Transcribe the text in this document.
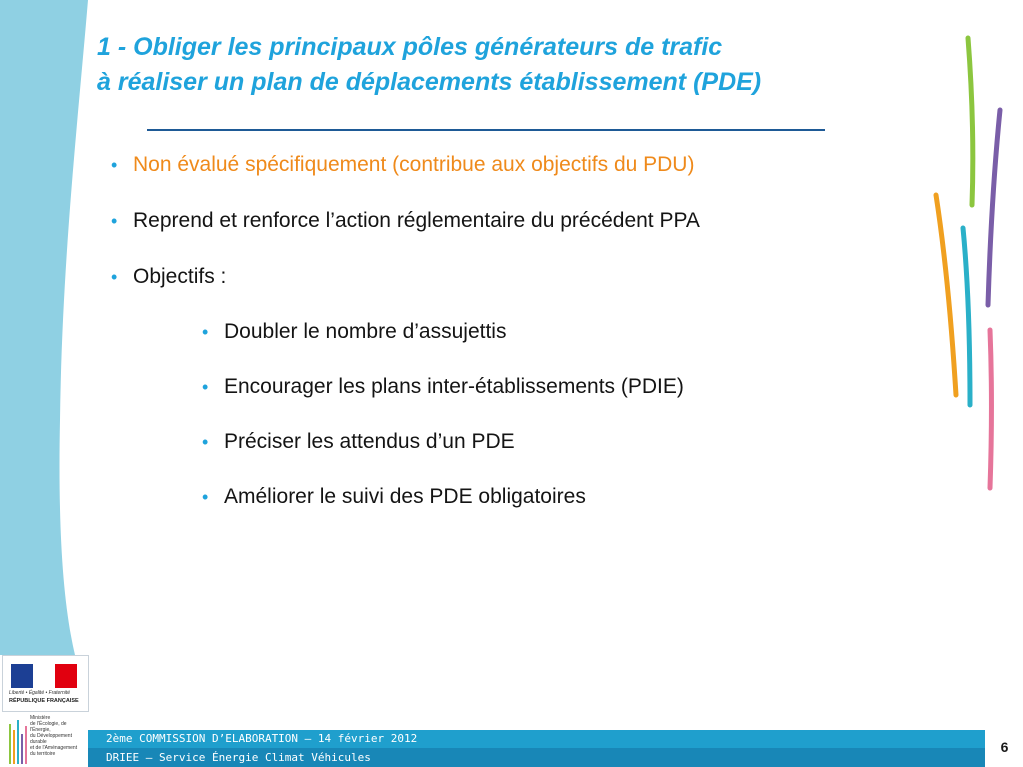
1 - Obliger les principaux pôles générateurs de trafic
à réaliser un plan de déplacements établissement (PDE)
• Non évalué spécifiquement (contribue aux objectifs du PDU)
• Reprend et renforce l’action réglementaire du précédent PPA
• Objectifs :
• Doubler le nombre d’assujettis
• Encourager les plans inter-établissements (PDIE)
• Préciser les attendus d’un PDE
• Améliorer le suivi des PDE obligatoires
Liberté • Égalité • Fraternité
RÉPUBLIQUE FRANÇAISE
Ministère
de l'Écologie, de l'Énergie,
du Développement durable
et de l'Aménagement
du territoire
2ème COMMISSION D’ELABORATION – 14 février 2012
DRIEE – Service Énergie Climat Véhicules
6
